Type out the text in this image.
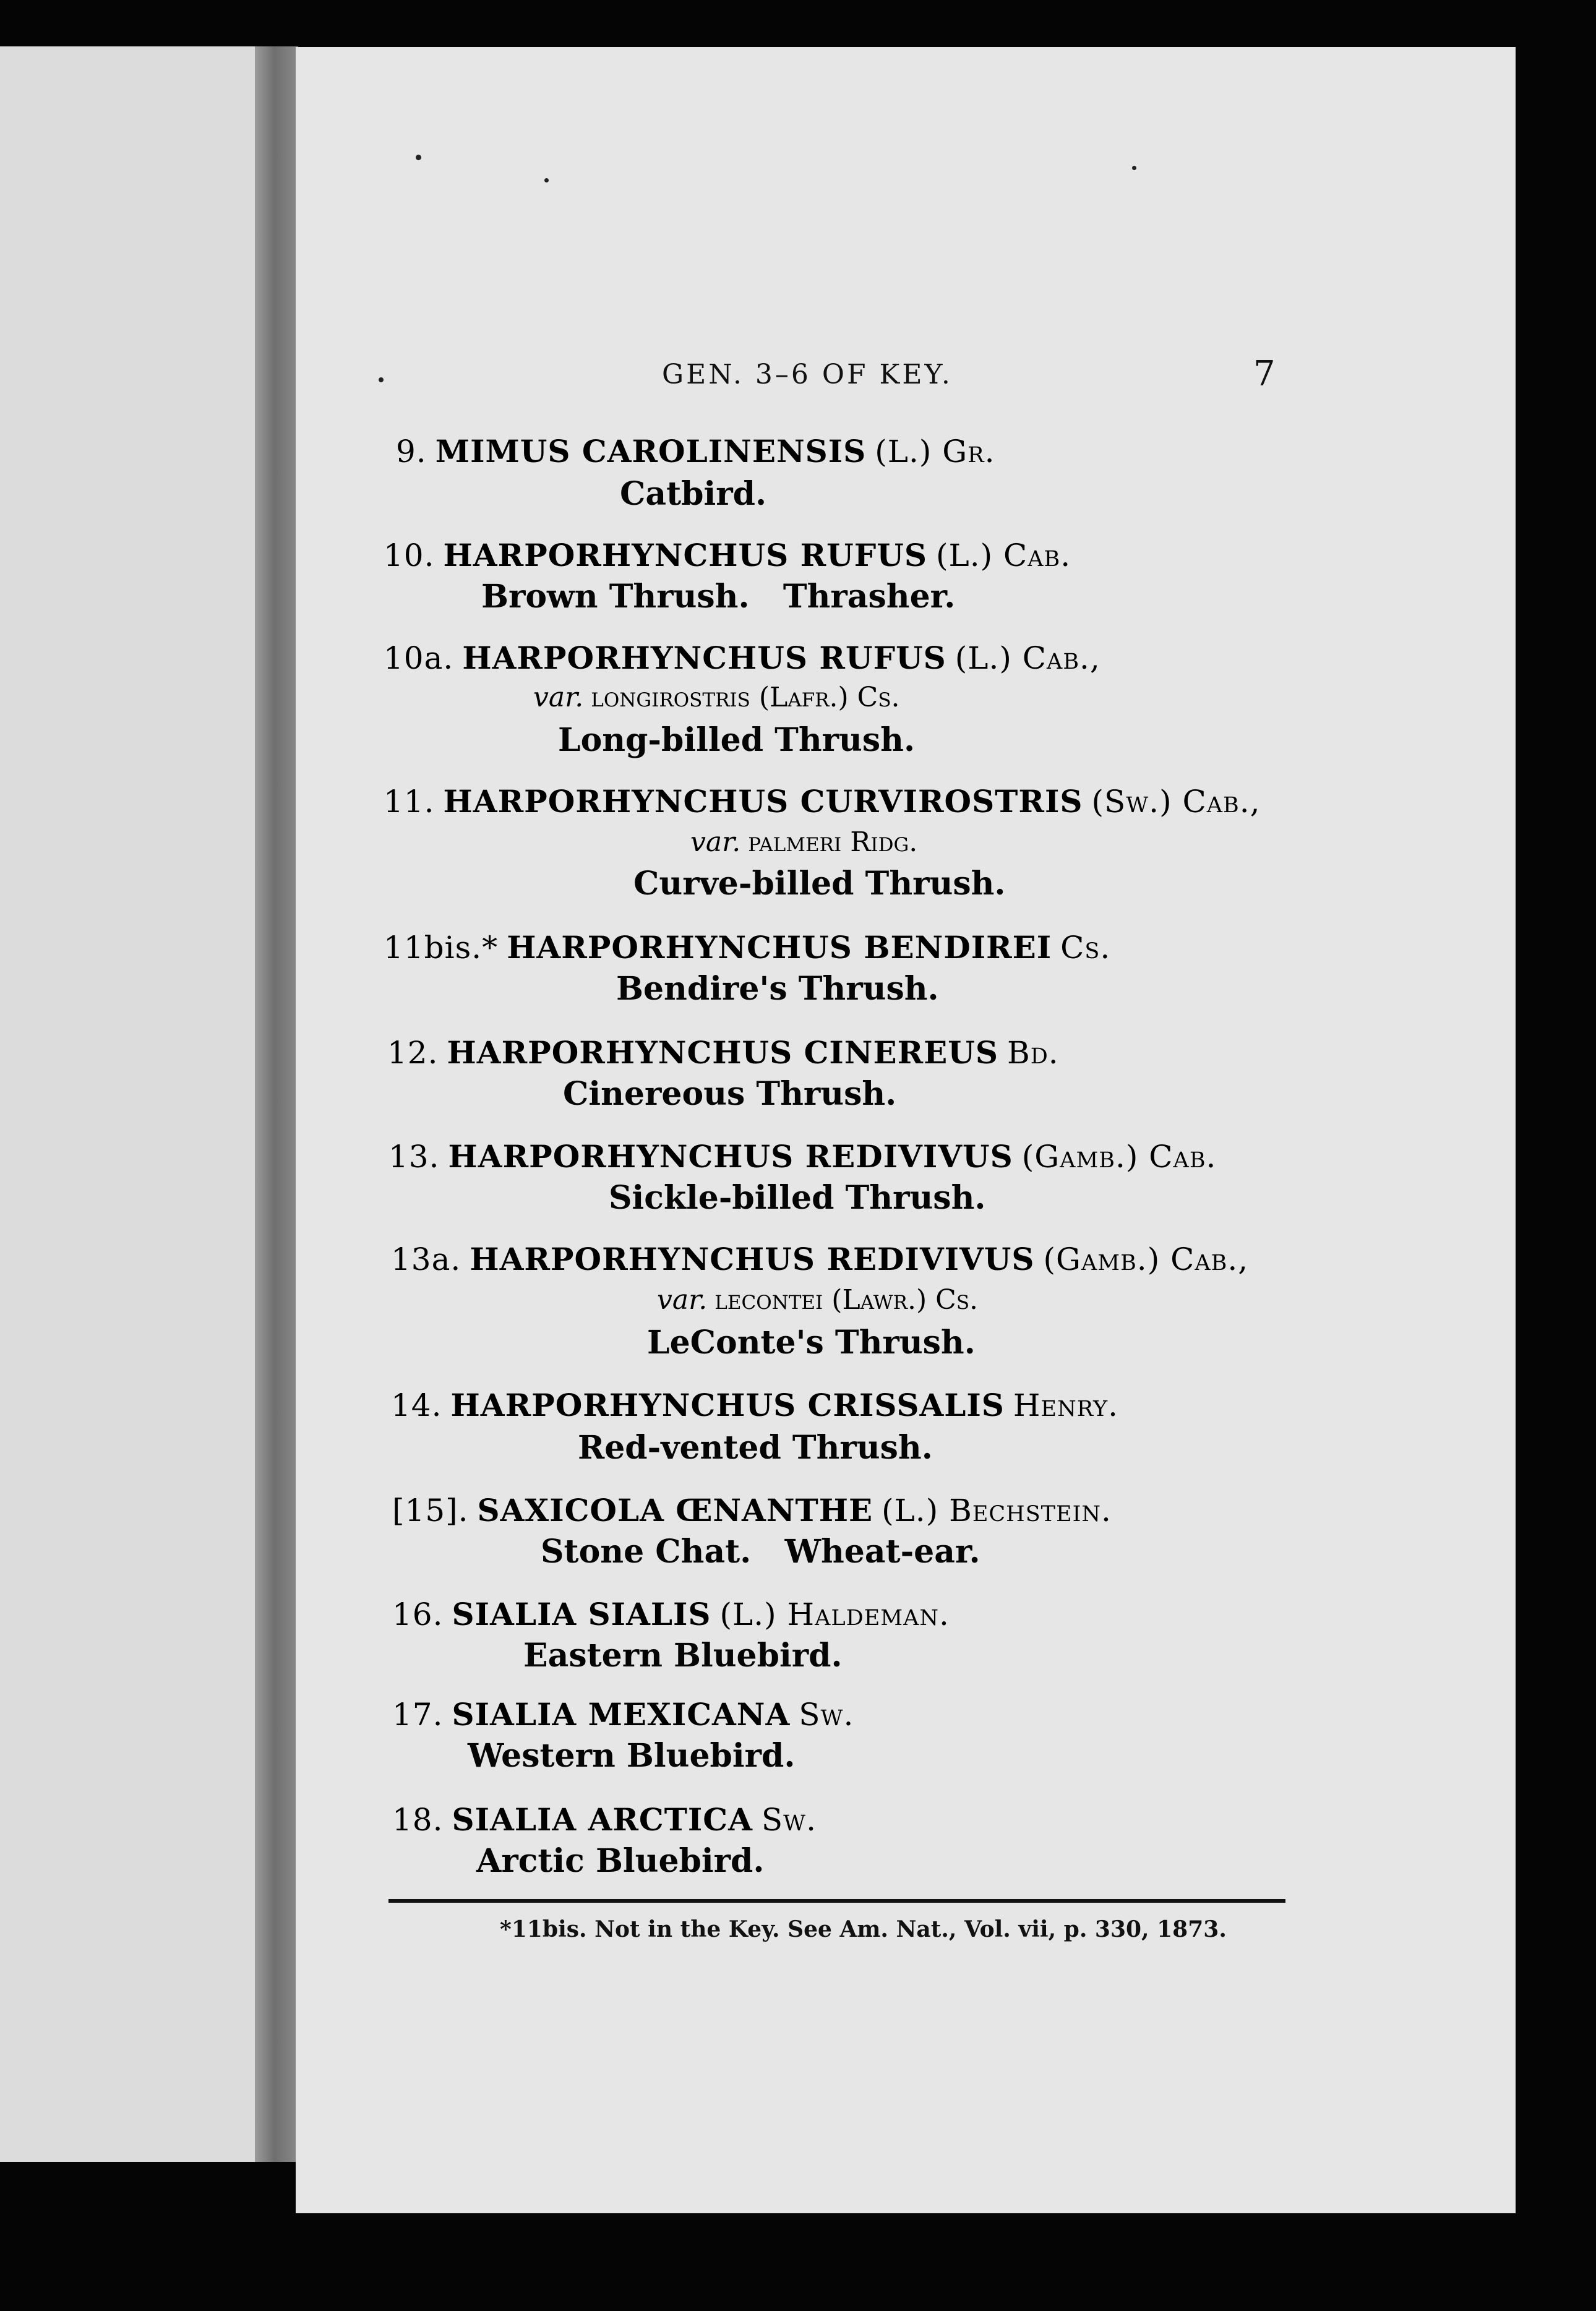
GEN. 3–6 OF KEY.	7
9. MIMUS CAROLINENSIS (L.) Gr.
Catbird.
10. HARPORHYNCHUS RUFUS (L.) Cab.
Brown Thrush.   Thrasher.
10a. HARPORHYNCHUS RUFUS (L.) Cab.,
var. longirostris (Lafr.) Cs.
Long-billed Thrush.
11. HARPORHYNCHUS CURVIROSTRIS (Sw.) Cab.,
var. palmeri Ridg.
Curve-billed Thrush.
11bis.* HARPORHYNCHUS BENDIREI Cs.
Bendire's Thrush.
12. HARPORHYNCHUS CINEREUS Bd.
Cinereous Thrush.
13. HARPORHYNCHUS REDIVIVUS (Gamb.) Cab.
Sickle-billed Thrush.
13a. HARPORHYNCHUS REDIVIVUS (Gamb.) Cab.,
var. lecontei (Lawr.) Cs.
LeConte's Thrush.
14. HARPORHYNCHUS CRISSALIS Henry.
Red-vented Thrush.
[15]. SAXICOLA ŒNANTHE (L.) Bechstein.
Stone Chat.   Wheat-ear.
16. SIALIA SIALIS (L.) Haldeman.
Eastern Bluebird.
17. SIALIA MEXICANA Sw.
Western Bluebird.
18. SIALIA ARCTICA Sw.
Arctic Bluebird.
*11bis. Not in the Key. See Am. Nat., Vol. vii, p. 330, 1873.
